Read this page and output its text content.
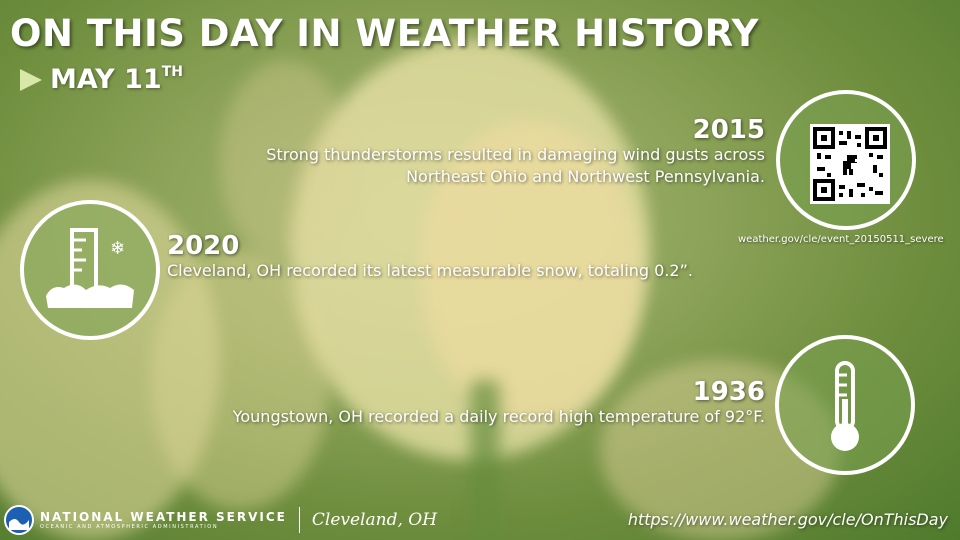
ON THIS DAY IN WEATHER HISTORY
MAY 11TH
2015
Strong thunderstorms resulted in damaging wind gusts across
Northeast Ohio and Northwest Pennsylvania.
weather.gov/cle/event_20150511_severe
❄ 2020
Cleveland, OH recorded its latest measurable snow, totaling 0.2”.
1936
Youngstown, OH recorded a daily record high temperature of 92°F.
NATIONAL WEATHER SERVICE
OCEANIC AND ATMOSPHERIC ADMINISTRATION	Cleveland, OH	https://www.weather.gov/cle/OnThisDay
